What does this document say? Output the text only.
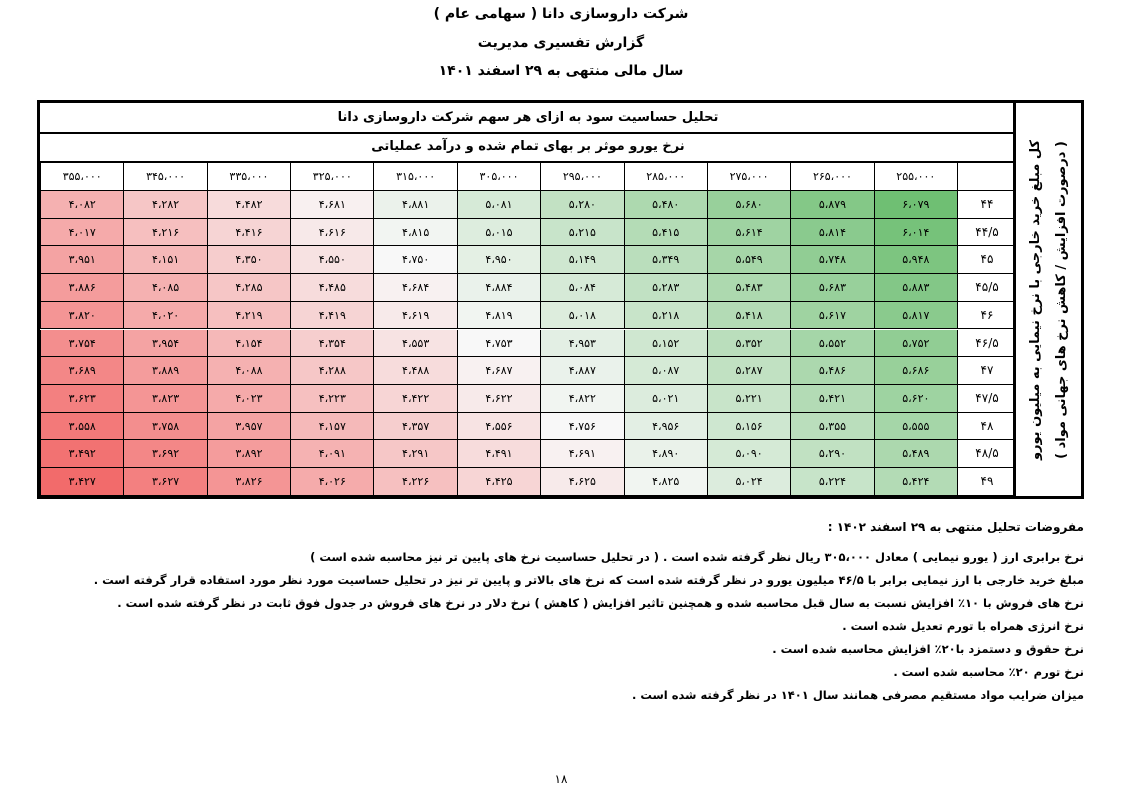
شرکت داروسازی دانا ( سهامی عام )
گزارش تفسیری مدیریت
سال مالی منتهی به ۲۹ اسفند ۱۴۰۱
تحلیل حساسیت سود به ازای هر سهم شرکت داروسازی دانا
نرخ یورو موثر بر بهای تمام شده و درآمد عملیاتی
۲۵۵،۰۰۰
۲۶۵،۰۰۰
۲۷۵،۰۰۰
۲۸۵،۰۰۰
۲۹۵،۰۰۰
۳۰۵،۰۰۰
۳۱۵،۰۰۰
۳۲۵،۰۰۰
۳۳۵،۰۰۰
۳۴۵،۰۰۰
۳۵۵،۰۰۰
۴۴
۶،۰۷۹
۵،۸۷۹
۵،۶۸۰
۵،۴۸۰
۵،۲۸۰
۵،۰۸۱
۴،۸۸۱
۴،۶۸۱
۴،۴۸۲
۴،۲۸۲
۴،۰۸۲
۴۴/۵
۶،۰۱۴
۵،۸۱۴
۵،۶۱۴
۵،۴۱۵
۵،۲۱۵
۵،۰۱۵
۴،۸۱۵
۴،۶۱۶
۴،۴۱۶
۴،۲۱۶
۴،۰۱۷
۴۵
۵،۹۴۸
۵،۷۴۸
۵،۵۴۹
۵،۳۴۹
۵،۱۴۹
۴،۹۵۰
۴،۷۵۰
۴،۵۵۰
۴،۳۵۰
۴،۱۵۱
۳،۹۵۱
۴۵/۵
۵،۸۸۳
۵،۶۸۳
۵،۴۸۳
۵،۲۸۳
۵،۰۸۴
۴،۸۸۴
۴،۶۸۴
۴،۴۸۵
۴،۲۸۵
۴،۰۸۵
۳،۸۸۶
۴۶
۵،۸۱۷
۵،۶۱۷
۵،۴۱۸
۵،۲۱۸
۵،۰۱۸
۴،۸۱۹
۴،۶۱۹
۴،۴۱۹
۴،۲۱۹
۴،۰۲۰
۳،۸۲۰
۴۶/۵
۵،۷۵۲
۵،۵۵۲
۵،۳۵۲
۵،۱۵۲
۴،۹۵۳
۴،۷۵۳
۴،۵۵۳
۴،۳۵۴
۴،۱۵۴
۳،۹۵۴
۳،۷۵۴
۴۷
۵،۶۸۶
۵،۴۸۶
۵،۲۸۷
۵،۰۸۷
۴،۸۸۷
۴،۶۸۷
۴،۴۸۸
۴،۲۸۸
۴،۰۸۸
۳،۸۸۹
۳،۶۸۹
۴۷/۵
۵،۶۲۰
۵،۴۲۱
۵،۲۲۱
۵،۰۲۱
۴،۸۲۲
۴،۶۲۲
۴،۴۲۲
۴،۲۲۳
۴،۰۲۳
۳،۸۲۳
۳،۶۲۳
۴۸
۵،۵۵۵
۵،۳۵۵
۵،۱۵۶
۴،۹۵۶
۴،۷۵۶
۴،۵۵۶
۴،۳۵۷
۴،۱۵۷
۳،۹۵۷
۳،۷۵۸
۳،۵۵۸
۴۸/۵
۵،۴۸۹
۵،۲۹۰
۵،۰۹۰
۴،۸۹۰
۴،۶۹۱
۴،۴۹۱
۴،۲۹۱
۴،۰۹۱
۳،۸۹۲
۳،۶۹۲
۳،۴۹۲
۴۹
۵،۴۲۴
۵،۲۲۴
۵،۰۲۴
۴،۸۲۵
۴،۶۲۵
۴،۴۲۵
۴،۲۲۶
۴،۰۲۶
۳،۸۲۶
۳،۶۲۷
۳،۴۲۷
کل مبلغ خرید خارجی با نرخ نیمایی به میلیون یورو ( درصورت افزایش / کاهش نرخ های جهانی مواد )
مفروضات تحلیل منتهی به ۲۹ اسفند ۱۴۰۲ :
نرخ برابری ارز ( یورو نیمایی ) معادل ۳۰۵،۰۰۰ ریال نظر گرفته شده است . ( در تحلیل حساسیت نرخ های پایین تر نیز محاسبه شده است )
مبلغ خرید خارجی با ارز نیمایی برابر با ۴۶/۵ میلیون یورو در نظر گرفته شده است که نرخ های بالاتر و پایین تر نیز در تحلیل حساسیت مورد نظر مورد استفاده قرار گرفته است .
نرخ های فروش با ۱۰٪ افزایش نسبت به سال قبل محاسبه شده و همچنین تاثیر افزایش ( کاهش ) نرخ دلار در نرخ های فروش در جدول فوق ثابت در نظر گرفته شده است .
نرخ انرژی همراه با تورم تعدیل شده است .
نرخ حقوق و دستمزد با۲۰٪ افزایش محاسبه شده است .
نرخ تورم ۲۰٪ محاسبه شده است .
میزان ضرایب مواد مستقیم مصرفی همانند سال ۱۴۰۱ در نظر گرفته شده است .
۱۸
